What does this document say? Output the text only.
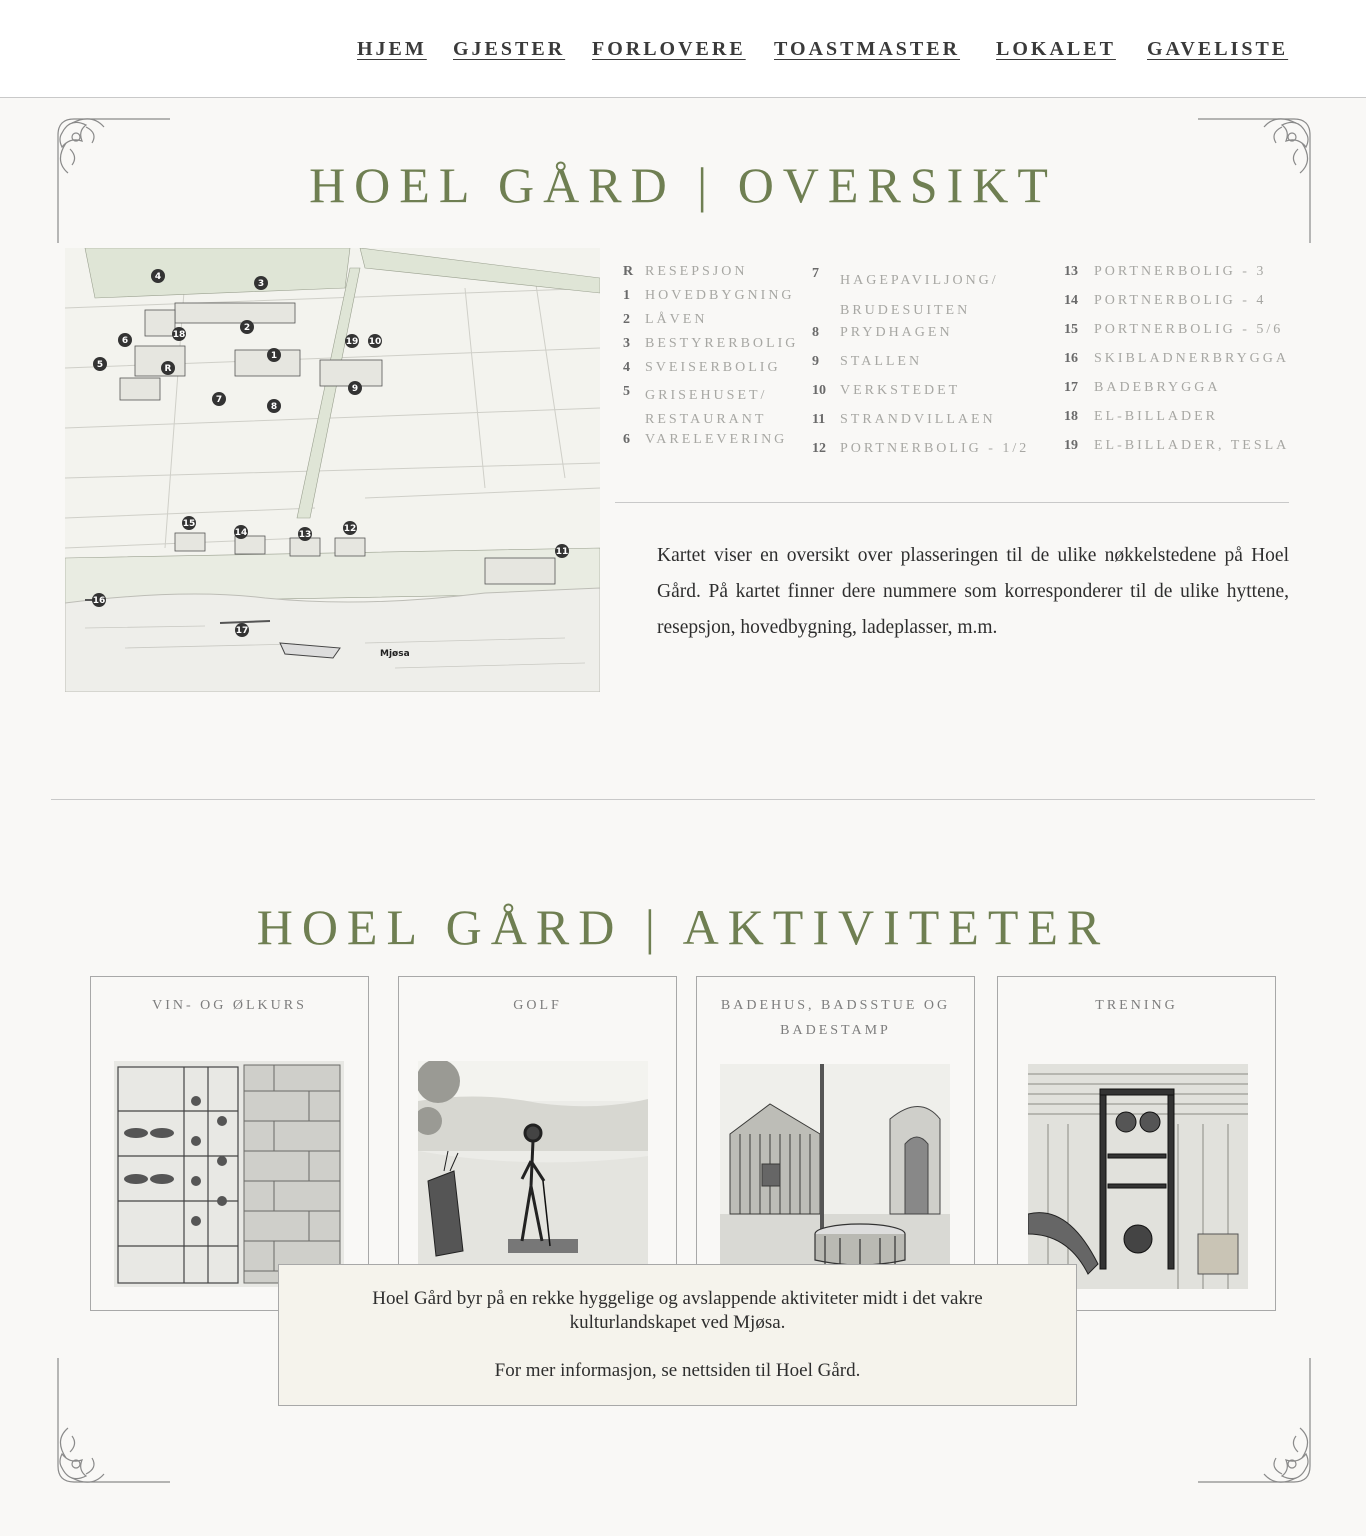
HJEM GJESTER FORLOVERE TOASTMASTER LOKALET GAVELISTE
HOEL GÅRD | OVERSIKT
4
3
2
6
5	R
18
1
7
8
9
19 10
15
14	13
12
11
16
17
Mjøsa
R RESEPSJON
1	HOVEDBYGNING
2	LÅVEN
3	BESTYRERBOLIG
4	SVEISERBOLIG
5	GRISEHUSET/ RESTAURANT
6	VARELEVERING
7	HAGEPAVILJONG/ BRUDESUITEN
8	PRYDHAGEN
9	STALLEN
10	VERKSTEDET
11	STRANDVILLAEN
12	PORTNERBOLIG - 1/2
13	PORTNERBOLIG - 3
14	PORTNERBOLIG - 4
15	PORTNERBOLIG - 5/6
16	SKIBLADNERBRYGGA
17	BADEBRYGGA
18	EL-BILLADER
19	EL-BILLADER, TESLA

Kartet viser en oversikt over plasseringen til de ulike nøkkelstedene på Hoel Gård. På kartet finner dere nummere som korresponderer til de ulike hyttene, resepsjon, hovedbygning, ladeplasser, m.m.

HOEL GÅRD | AKTIVITETER
VIN- OG ØLKURS	GOLF	BADEHUS, BADSSTUE OG BADESTAMP
TRENING

Hoel Gård byr på en rekke hyggelige og avslappende aktiviteter midt i det vakre kulturlandskapet ved Mjøsa.

For mer informasjon, se nettsiden til Hoel Gård.
